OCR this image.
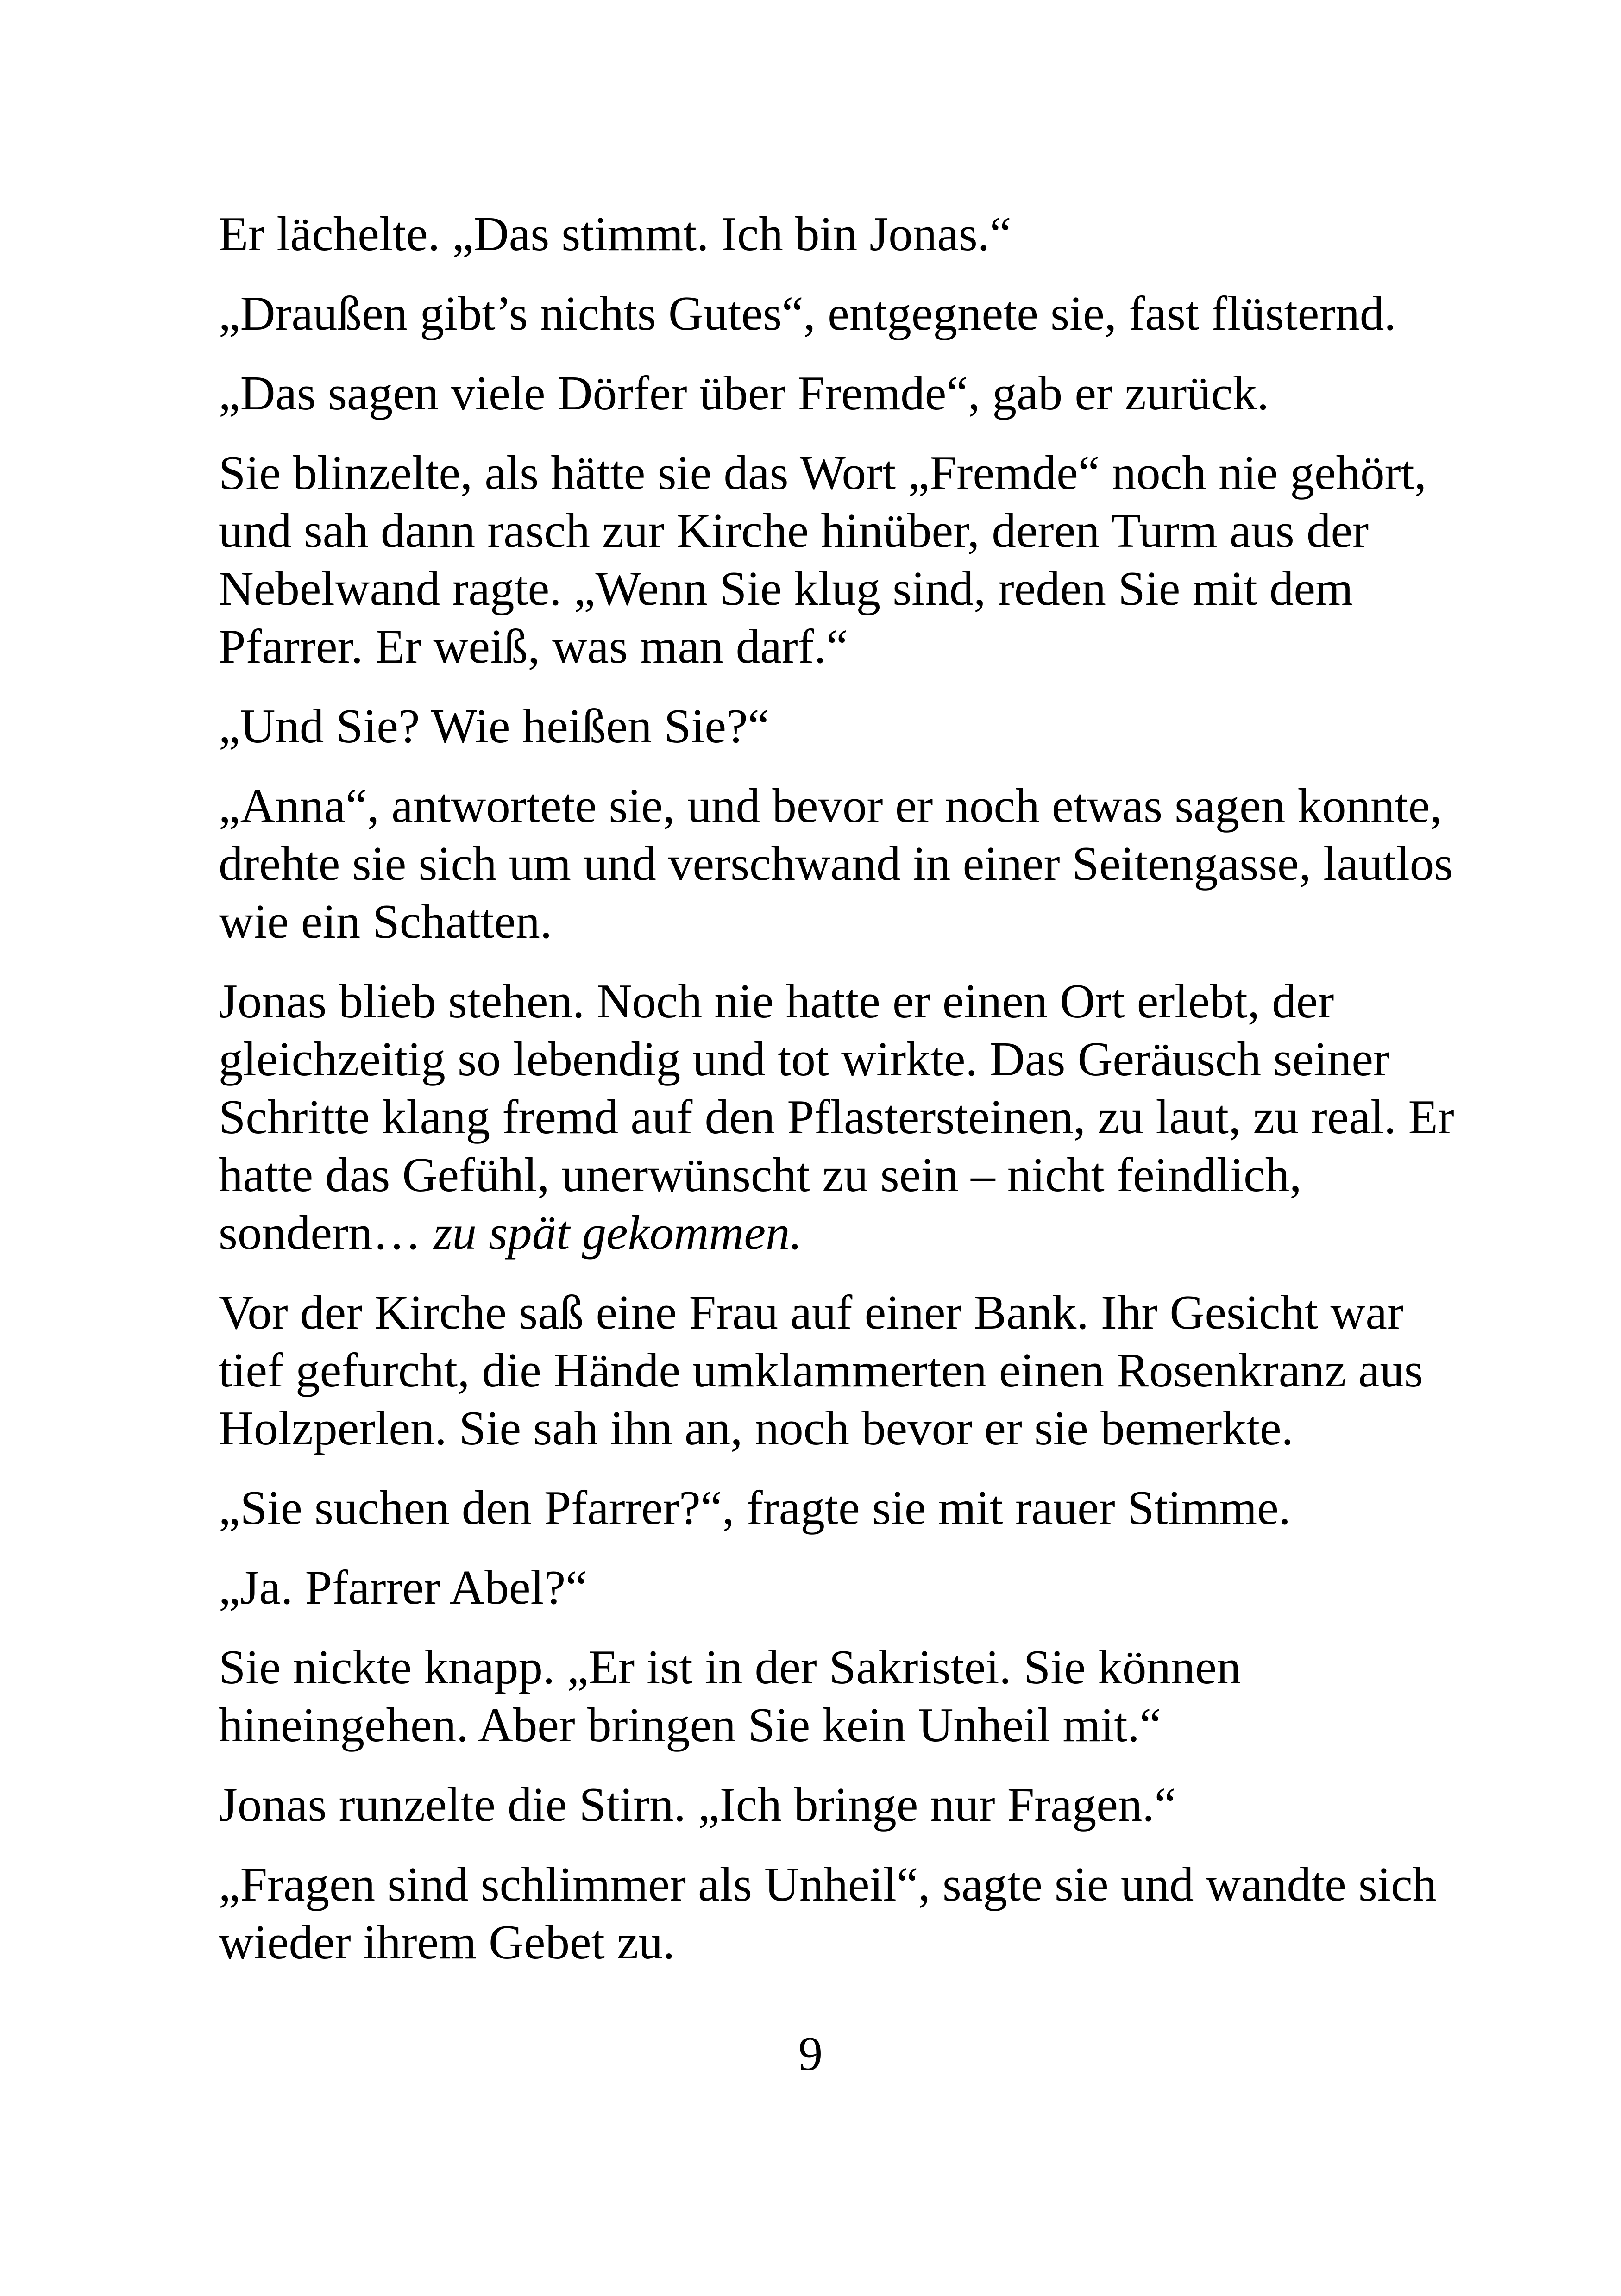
Er lächelte. „Das stimmt. Ich bin Jonas.“

„Draußen gibt’s nichts Gutes“, entgegnete sie, fast flüsternd.

„Das sagen viele Dörfer über Fremde“, gab er zurück.

Sie blinzelte, als hätte sie das Wort „Fremde“ noch nie gehört,
und sah dann rasch zur Kirche hinüber, deren Turm aus der
Nebelwand ragte. „Wenn Sie klug sind, reden Sie mit dem
Pfarrer. Er weiß, was man darf.“

„Und Sie? Wie heißen Sie?“

„Anna“, antwortete sie, und bevor er noch etwas sagen konnte,
drehte sie sich um und verschwand in einer Seitengasse, lautlos
wie ein Schatten.

Jonas blieb stehen. Noch nie hatte er einen Ort erlebt, der
gleichzeitig so lebendig und tot wirkte. Das Geräusch seiner
Schritte klang fremd auf den Pflastersteinen, zu laut, zu real. Er
hatte das Gefühl, unerwünscht zu sein – nicht feindlich,
sondern… zu spät gekommen.

Vor der Kirche saß eine Frau auf einer Bank. Ihr Gesicht war
tief gefurcht, die Hände umklammerten einen Rosenkranz aus
Holzperlen. Sie sah ihn an, noch bevor er sie bemerkte.

„Sie suchen den Pfarrer?“, fragte sie mit rauer Stimme.

„Ja. Pfarrer Abel?“

Sie nickte knapp. „Er ist in der Sakristei. Sie können
hineingehen. Aber bringen Sie kein Unheil mit.“

Jonas runzelte die Stirn. „Ich bringe nur Fragen.“

„Fragen sind schlimmer als Unheil“, sagte sie und wandte sich
wieder ihrem Gebet zu.

9
